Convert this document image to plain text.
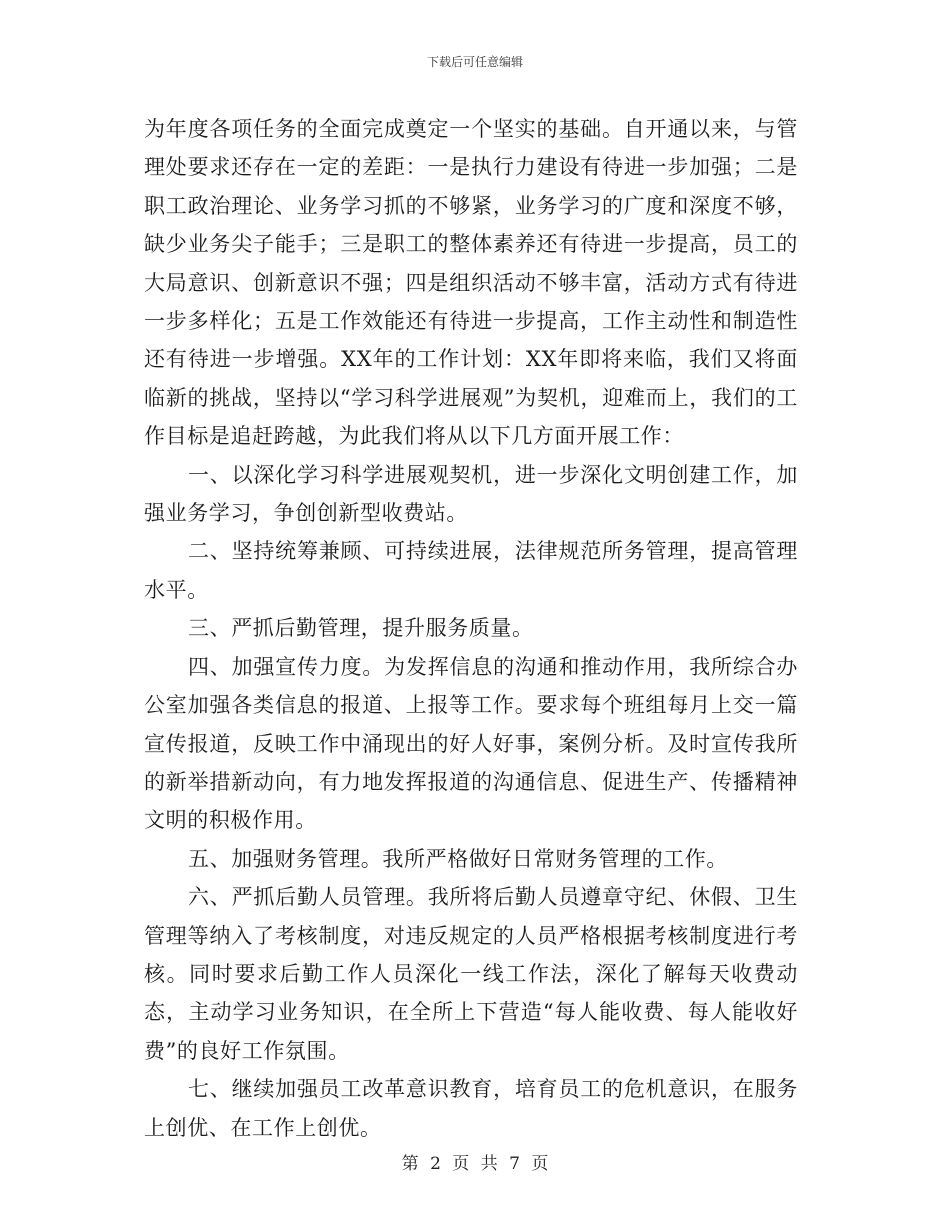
下载后可任意编辑

为年度各项任务的全面完成奠定一个坚实的基础。自开通以来，与管理处要求还存在一定的差距：一是执行力建设有待进一步加强；二是职工政治理论、业务学习抓的不够紧，业务学习的广度和深度不够，缺少业务尖子能手；三是职工的整体素养还有待进一步提高，员工的大局意识、创新意识不强；四是组织活动不够丰富，活动方式有待进一步多样化；五是工作效能还有待进一步提高，工作主动性和制造性还有待进一步增强。XX年的工作计划：XX年即将来临，我们又将面临新的挑战，坚持以“学习科学进展观”为契机，迎难而上，我们的工作目标是追赶跨越，为此我们将从以下几方面开展工作：

一、以深化学习科学进展观契机，进一步深化文明创建工作，加强业务学习，争创创新型收费站。

二、坚持统筹兼顾、可持续进展，法律规范所务管理，提高管理水平。

三、严抓后勤管理，提升服务质量。

四、加强宣传力度。为发挥信息的沟通和推动作用，我所综合办公室加强各类信息的报道、上报等工作。要求每个班组每月上交一篇宣传报道，反映工作中涌现出的好人好事，案例分析。及时宣传我所的新举措新动向，有力地发挥报道的沟通信息、促进生产、传播精神文明的积极作用。

五、加强财务管理。我所严格做好日常财务管理的工作。

六、严抓后勤人员管理。我所将后勤人员遵章守纪、休假、卫生管理等纳入了考核制度，对违反规定的人员严格根据考核制度进行考核。同时要求后勤工作人员深化一线工作法，深化了解每天收费动态，主动学习业务知识，在全所上下营造“每人能收费、每人能收好费”的良好工作氛围。

七、继续加强员工改革意识教育，培育员工的危机意识，在服务上创优、在工作上创优。

第 2 页 共 7 页
